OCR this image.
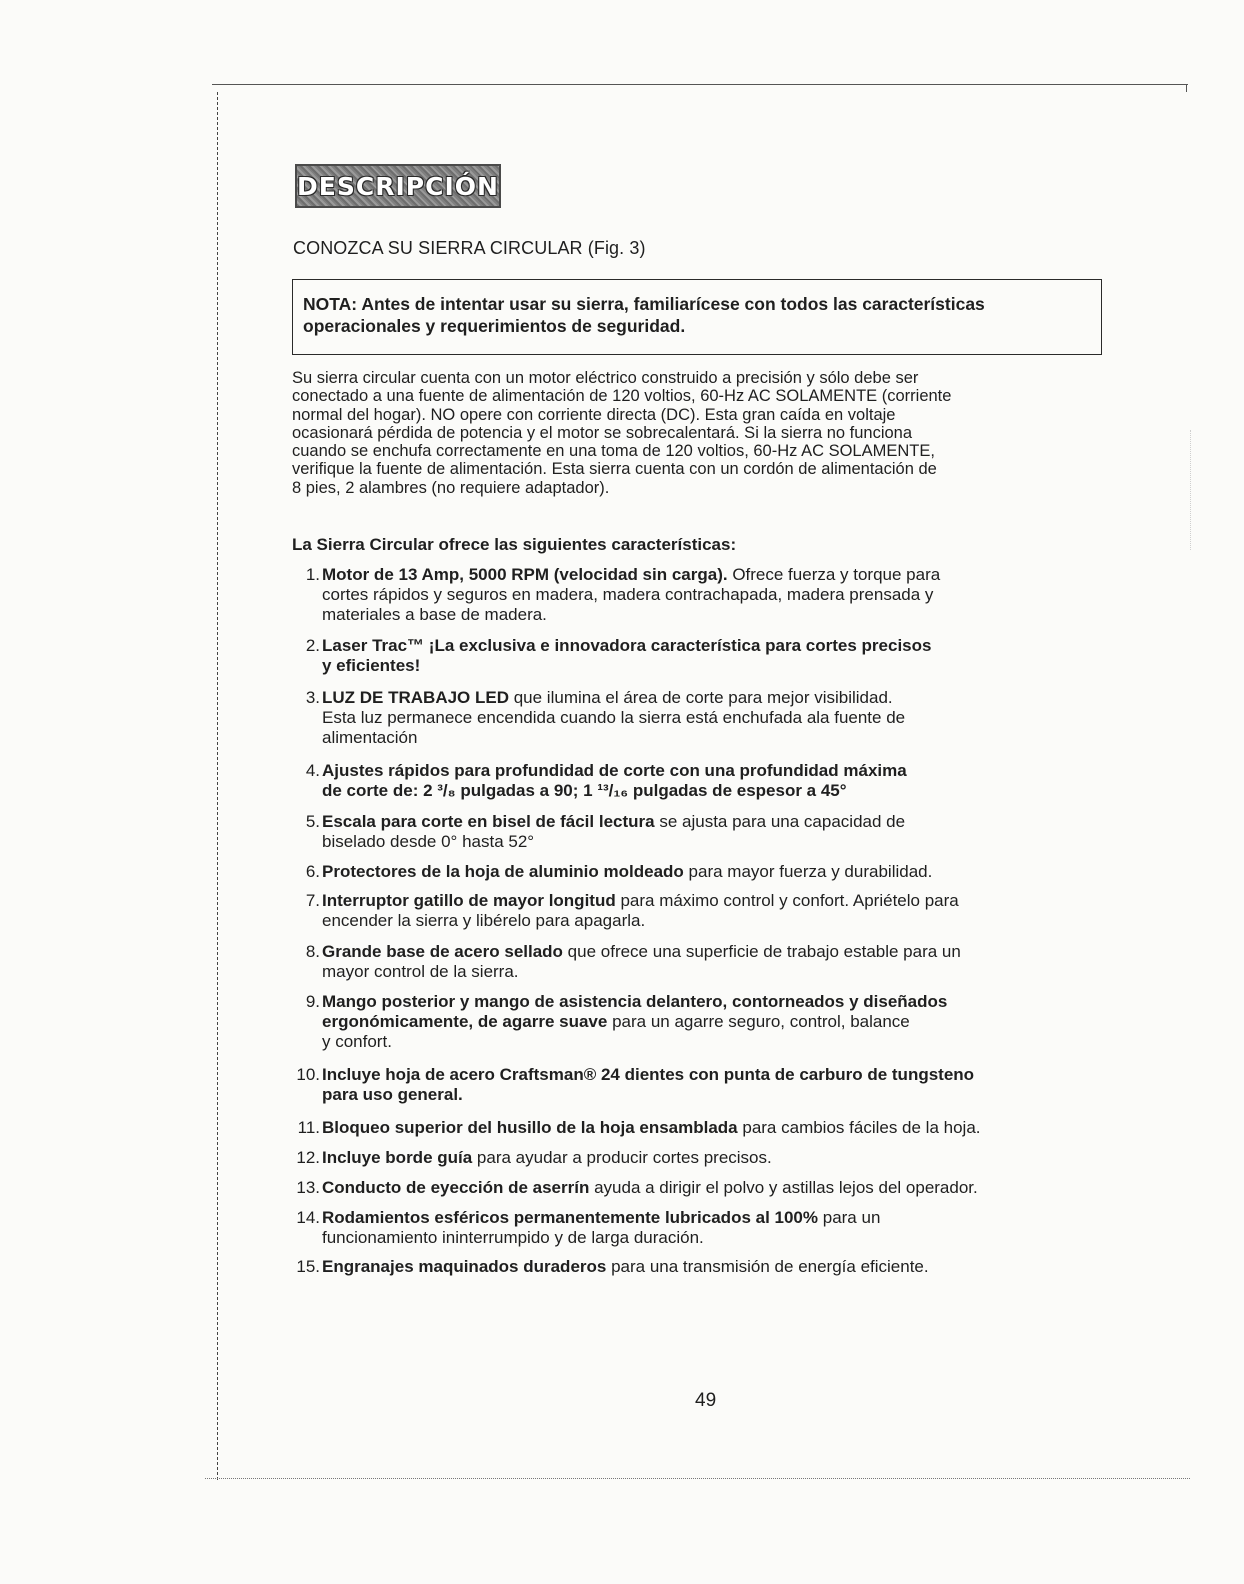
DESCRIPCIÓN
CONOZCA SU SIERRA CIRCULAR (Fig. 3)
NOTA: Antes de intentar usar su sierra, familiarícese con todos las características
operacionales y requerimientos de seguridad.
Su sierra circular cuenta con un motor eléctrico construido a precisión y sólo debe ser
conectado a una fuente de alimentación de 120 voltios, 60-Hz AC SOLAMENTE (corriente
normal del hogar). NO opere con corriente directa (DC). Esta gran caída en voltaje
ocasionará pérdida de potencia y el motor se sobrecalentará. Si la sierra no funciona
cuando se enchufa correctamente en una toma de 120 voltios, 60-Hz AC SOLAMENTE,
verifique la fuente de alimentación. Esta sierra cuenta con un cordón de alimentación de
8 pies, 2 alambres (no requiere adaptador).
La Sierra Circular ofrece las siguientes características:
1. Motor de 13 Amp, 5000 RPM (velocidad sin carga). Ofrece fuerza y torque para
cortes rápidos y seguros en madera, madera contrachapada, madera prensada y
materiales a base de madera.
2. Laser Trac™ ¡La exclusiva e innovadora característica para cortes precisos
y eficientes!
3. LUZ DE TRABAJO LED que ilumina el área de corte para mejor visibilidad.
Esta luz permanece encendida cuando la sierra está enchufada ala fuente de
alimentación
4. Ajustes rápidos para profundidad de corte con una profundidad máxima
de corte de: 2 ³/₈ pulgadas a 90; 1 ¹³/₁₆ pulgadas de espesor a 45°
5. Escala para corte en bisel de fácil lectura se ajusta para una capacidad de
biselado desde 0° hasta 52°
6. Protectores de la hoja de aluminio moldeado para mayor fuerza y durabilidad.
7. Interruptor gatillo de mayor longitud para máximo control y confort. Apriételo para
encender la sierra y libérelo para apagarla.
8. Grande base de acero sellado que ofrece una superficie de trabajo estable para un
mayor control de la sierra.
9. Mango posterior y mango de asistencia delantero, contorneados y diseñados
ergonómicamente, de agarre suave para un agarre seguro, control, balance
y confort.
10. Incluye hoja de acero Craftsman® 24 dientes con punta de carburo de tungsteno
para uso general.
11. Bloqueo superior del husillo de la hoja ensamblada para cambios fáciles de la hoja.
12. Incluye borde guía para ayudar a producir cortes precisos.
13. Conducto de eyección de aserrín ayuda a dirigir el polvo y astillas lejos del operador.
14. Rodamientos esféricos permanentemente lubricados al 100% para un
funcionamiento ininterrumpido y de larga duración.
15. Engranajes maquinados duraderos para una transmisión de energía eficiente.
49
